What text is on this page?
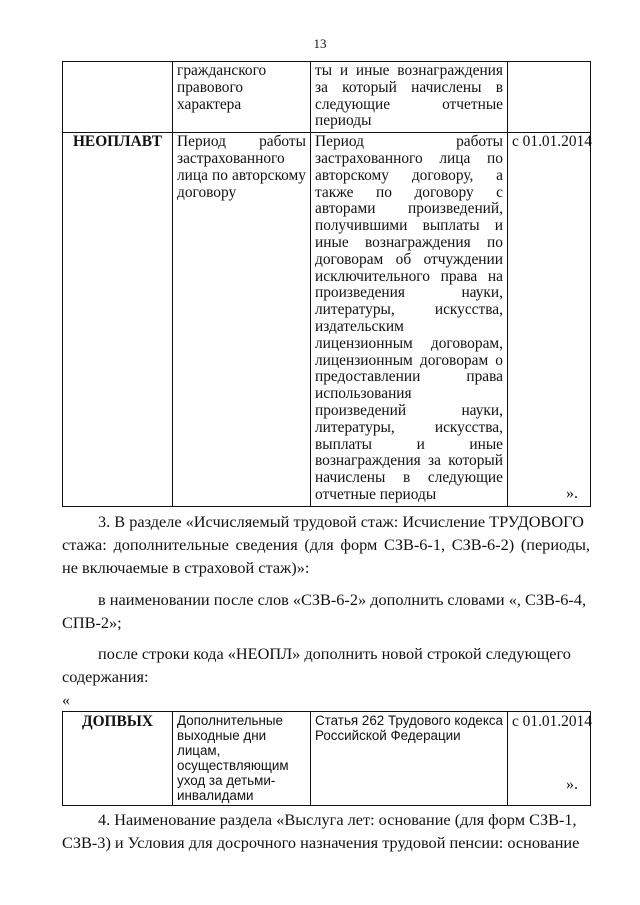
13
	гражданского правового характера	ты и иные вознаграждения за который начислены в следующие отчетные периоды	
НЕОПЛАВТ	Период работы застрахованного лица по авторскому договору	Период работы застрахованного лица по авторскому договору, а также по договору с авторами произведений, получившими выплаты и иные вознаграждения по договорам об отчуждении исключительного права на произведения науки, литературы, искусства, издательским лицензионным договорам, лицензионным договорам о предоставлении права использования произведений науки, литературы, искусства, выплаты и иные вознаграждения за который начислены в следующие отчетные периоды	с 01.01.2014
».
3. В разделе «Исчисляемый трудовой стаж: Исчисление ТРУДОВОГО
стажа: дополнительные сведения (для форм СЗВ-6-1, СЗВ-6-2) (периоды, не включаемые в страховой стаж)»:
в наименовании после слов «СЗВ-6-2» дополнить словами «, СЗВ-6-4,
СПВ-2»;
после строки кода «НЕОПЛ» дополнить новой строкой следующего
содержания:
«
ДОПВЫХ	Дополнительные выходные дни лицам, осуществляющим уход за детьми-инвалидами	Статья 262 Трудового кодекса Российской Федерации	с 01.01.2014
».
4. Наименование раздела «Выслуга лет: основание (для форм СЗВ-1,
СЗВ-3) и Условия для досрочного назначения трудовой пенсии: основание
